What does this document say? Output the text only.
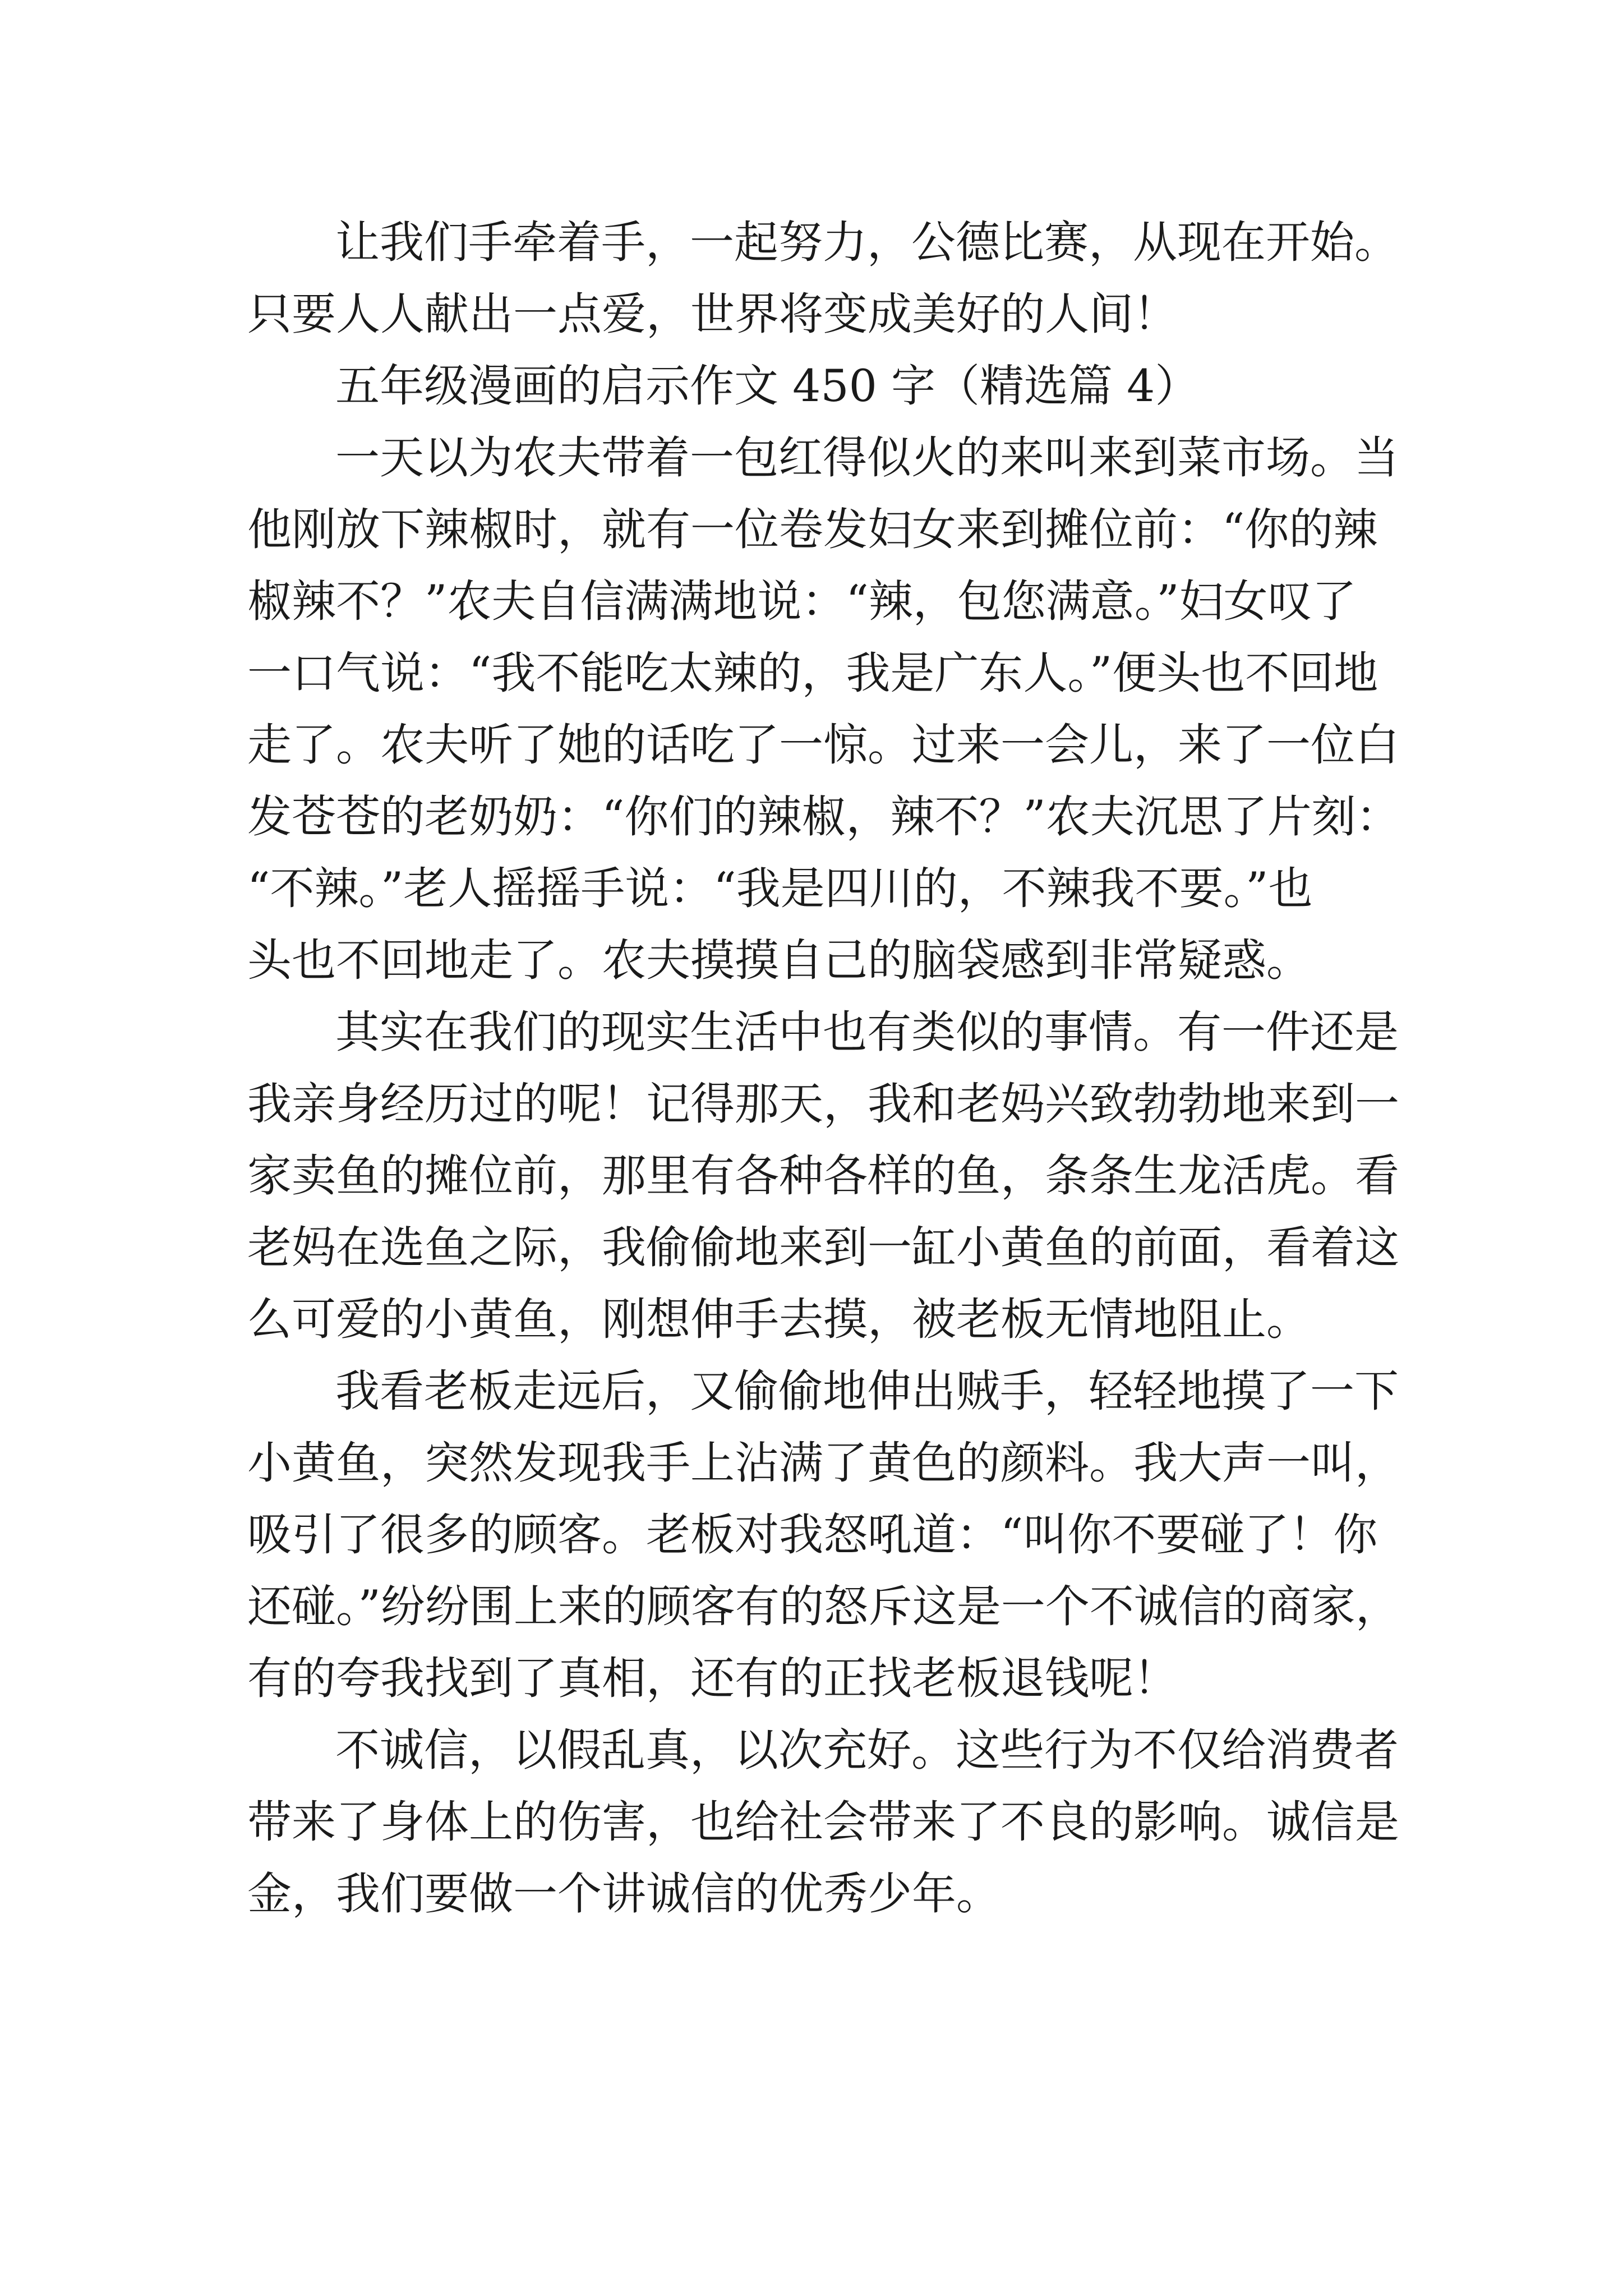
让我们手牵着手，一起努力，公德比赛，从现在开始。
只要人人献出一点爱，世界将变成美好的人间！
五年级漫画的启示作文 450 字（精选篇 4）
一天以为农夫带着一包红得似火的来叫来到菜市场。当
他刚放下辣椒时，就有一位卷发妇女来到摊位前：“你的辣
椒辣不？”农夫自信满满地说：“辣，包您满意。”妇女叹了
一口气说：“我不能吃太辣的，我是广东人。”便头也不回地
走了。农夫听了她的话吃了一惊。过来一会儿，来了一位白
发苍苍的老奶奶：“你们的辣椒，辣不？”农夫沉思了片刻：
“不辣。”老人摇摇手说：“我是四川的，不辣我不要。”也
头也不回地走了。农夫摸摸自己的脑袋感到非常疑惑。
其实在我们的现实生活中也有类似的事情。有一件还是
我亲身经历过的呢！记得那天，我和老妈兴致勃勃地来到一
家卖鱼的摊位前，那里有各种各样的鱼，条条生龙活虎。看
老妈在选鱼之际，我偷偷地来到一缸小黄鱼的前面，看着这
么可爱的小黄鱼，刚想伸手去摸，被老板无情地阻止。
我看老板走远后，又偷偷地伸出贼手，轻轻地摸了一下
小黄鱼，突然发现我手上沾满了黄色的颜料。我大声一叫，
吸引了很多的顾客。老板对我怒吼道：“叫你不要碰了！你
还碰。”纷纷围上来的顾客有的怒斥这是一个不诚信的商家，
有的夸我找到了真相，还有的正找老板退钱呢！
不诚信，以假乱真，以次充好。这些行为不仅给消费者
带来了身体上的伤害，也给社会带来了不良的影响。诚信是
金，我们要做一个讲诚信的优秀少年。
